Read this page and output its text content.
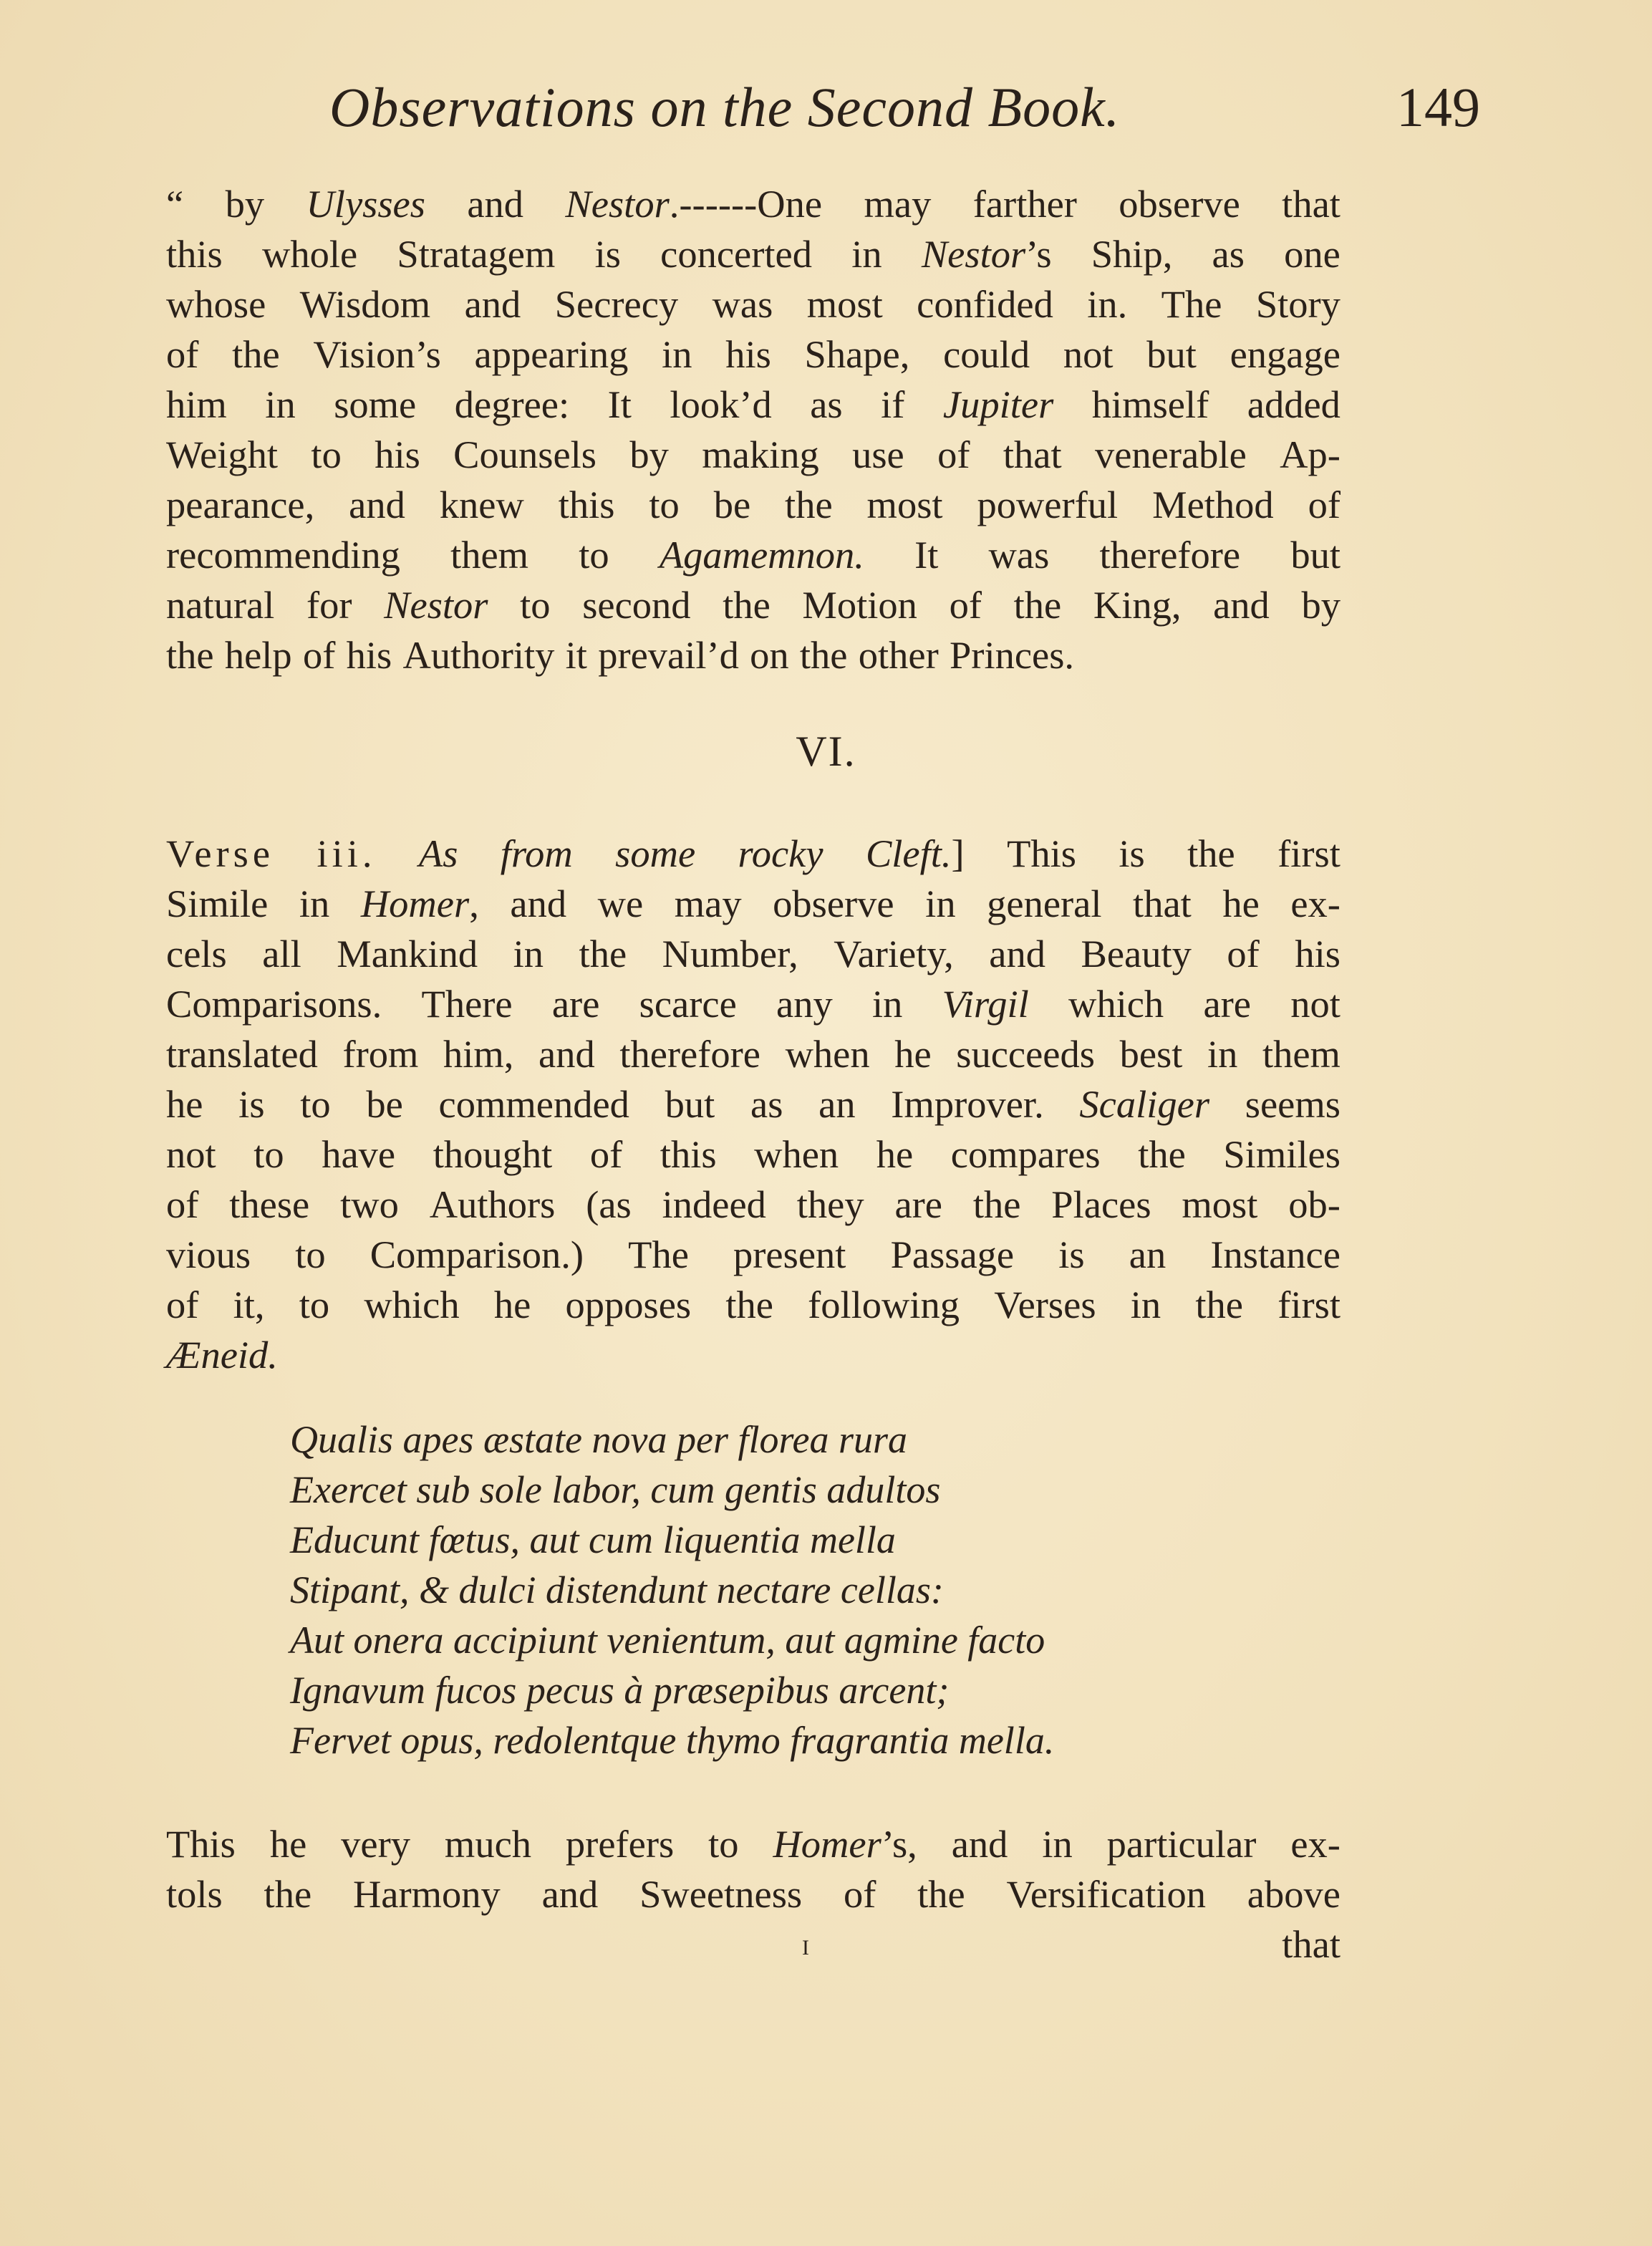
Observations on the Second Book.	149
“ by Ulysses and Nestor.------One may farther observe that
this whole Stratagem is concerted in Nestor’s Ship, as one
whose Wisdom and Secrecy was most confided in. The Story
of the Vision’s appearing in his Shape, could not but engage
him in some degree: It look’d as if Jupiter himself added
Weight to his Counsels by making use of that venerable Ap-
pearance, and knew this to be the most powerful Method of
recommending them to Agamemnon. It was therefore but
natural for Nestor to second the Motion of the King, and by
the help of his Authority it prevail’d on the other Princes.
VI.
Verse iii. As from some rocky Cleft.] This is the first
Simile in Homer, and we may observe in general that he ex-
cels all Mankind in the Number, Variety, and Beauty of his
Comparisons. There are scarce any in Virgil which are not
translated from him, and therefore when he succeeds best in them
he is to be commended but as an Improver. Scaliger seems
not to have thought of this when he compares the Similes
of these two Authors (as indeed they are the Places most ob-
vious to Comparison.) The present Passage is an Instance
of it, to which he opposes the following Verses in the first
Æneid.
Qualis apes æstate nova per florea rura
Exercet sub sole labor, cum gentis adultos
Educunt fœtus, aut cum liquentia mella
Stipant, & dulci distendunt nectare cellas:
Aut onera accipiunt venientum, aut agmine facto
Ignavum fucos pecus à præsepibus arcent;
Fervet opus, redolentque thymo fragrantia mella.
This he very much prefers to Homer’s, and in particular ex-
tols the Harmony and Sweetness of the Versification above
that
I
